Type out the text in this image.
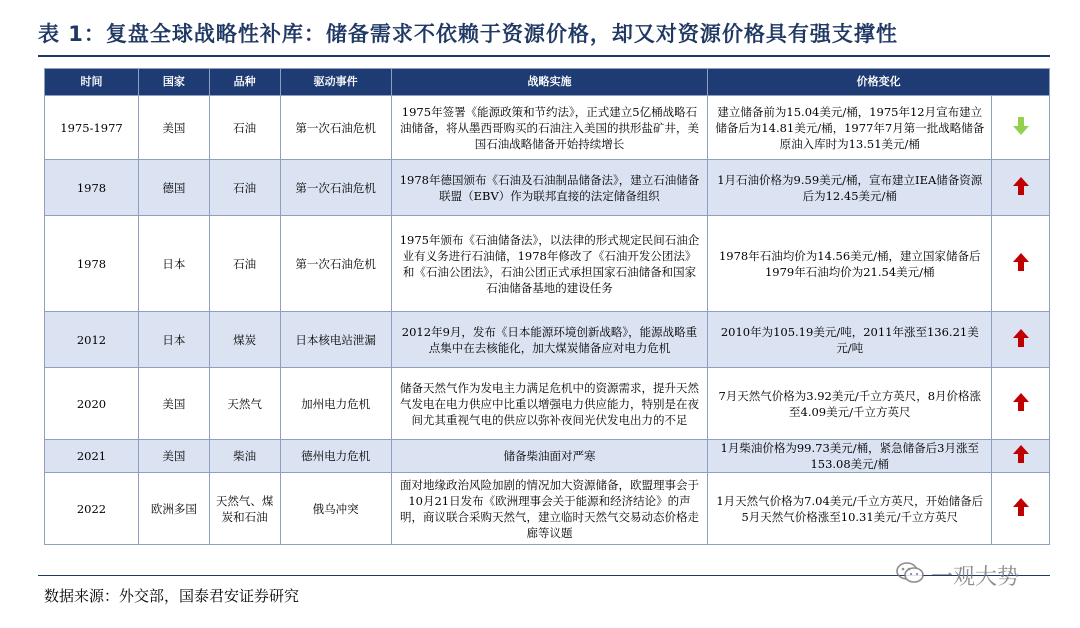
表 1：复盘全球战略性补库：储备需求不依赖于资源价格，却又对资源价格具有强支撑性
时间	国家	品种	驱动事件	战略实施	价格变化	
1975-1977	美国	石油	第一次石油危机	1975年签署《能源政策和节约法》，正式建立5亿桶战略石油储备，将从墨西哥购买的石油注入美国的拱形盐矿井，美国石油战略储备开始持续增长	建立储备前为15.04美元/桶，1975年12月宣布建立储备后为14.81美元/桶，1977年7月第一批战略储备原油入库时为13.51美元/桶	
1978	德国	石油	第一次石油危机	1978年德国颁布《石油及石油制品储备法》，建立石油储备联盟（EBV）作为联邦直接的法定储备组织	1月石油价格为9.59美元/桶，宣布建立IEA储备资源后为12.45美元/桶	
1978	日本	石油	第一次石油危机	1975年颁布《石油储备法》，以法律的形式规定民间石油企业有义务进行石油储，1978年修改了《石油开发公团法》和《石油公团法》，石油公团正式承担国家石油储备和国家石油储备基地的建设任务	1978年石油均价为14.56美元/桶，建立国家储备后1979年石油均价为21.54美元/桶	
2012	日本	煤炭	日本核电站泄漏	2012年9月，发布《日本能源环境创新战略》，能源战略重点集中在去核能化，加大煤炭储备应对电力危机	2010年为105.19美元/吨，2011年涨至136.21美元/吨	
2020	美国	天然气	加州电力危机	储备天然气作为发电主力满足危机中的资源需求，提升天然气发电在电力供应中比重以增强电力供应能力，特别是在夜间尤其重视气电的供应以弥补夜间光伏发电出力的不足	7月天然气价格为3.92美元/千立方英尺，8月价格涨至4.09美元/千立方英尺	
2021	美国	柴油	德州电力危机	储备柴油面对严寒	1月柴油价格为99.73美元/桶，紧急储备后3月涨至153.08美元/桶	
2022	欧洲多国	天然气、煤炭和石油	俄乌冲突	面对地缘政治风险加剧的情况加大资源储备，欧盟理事会于10月21日发布《欧洲理事会关于能源和经济结论》的声明，商议联合采购天然气，建立临时天然气交易动态价格走廊等议题	1月天然气价格为7.04美元/千立方英尺，开始储备后5月天然气价格涨至10.31美元/千立方英尺	
数据来源：外交部，国泰君安证券研究
一观大势
